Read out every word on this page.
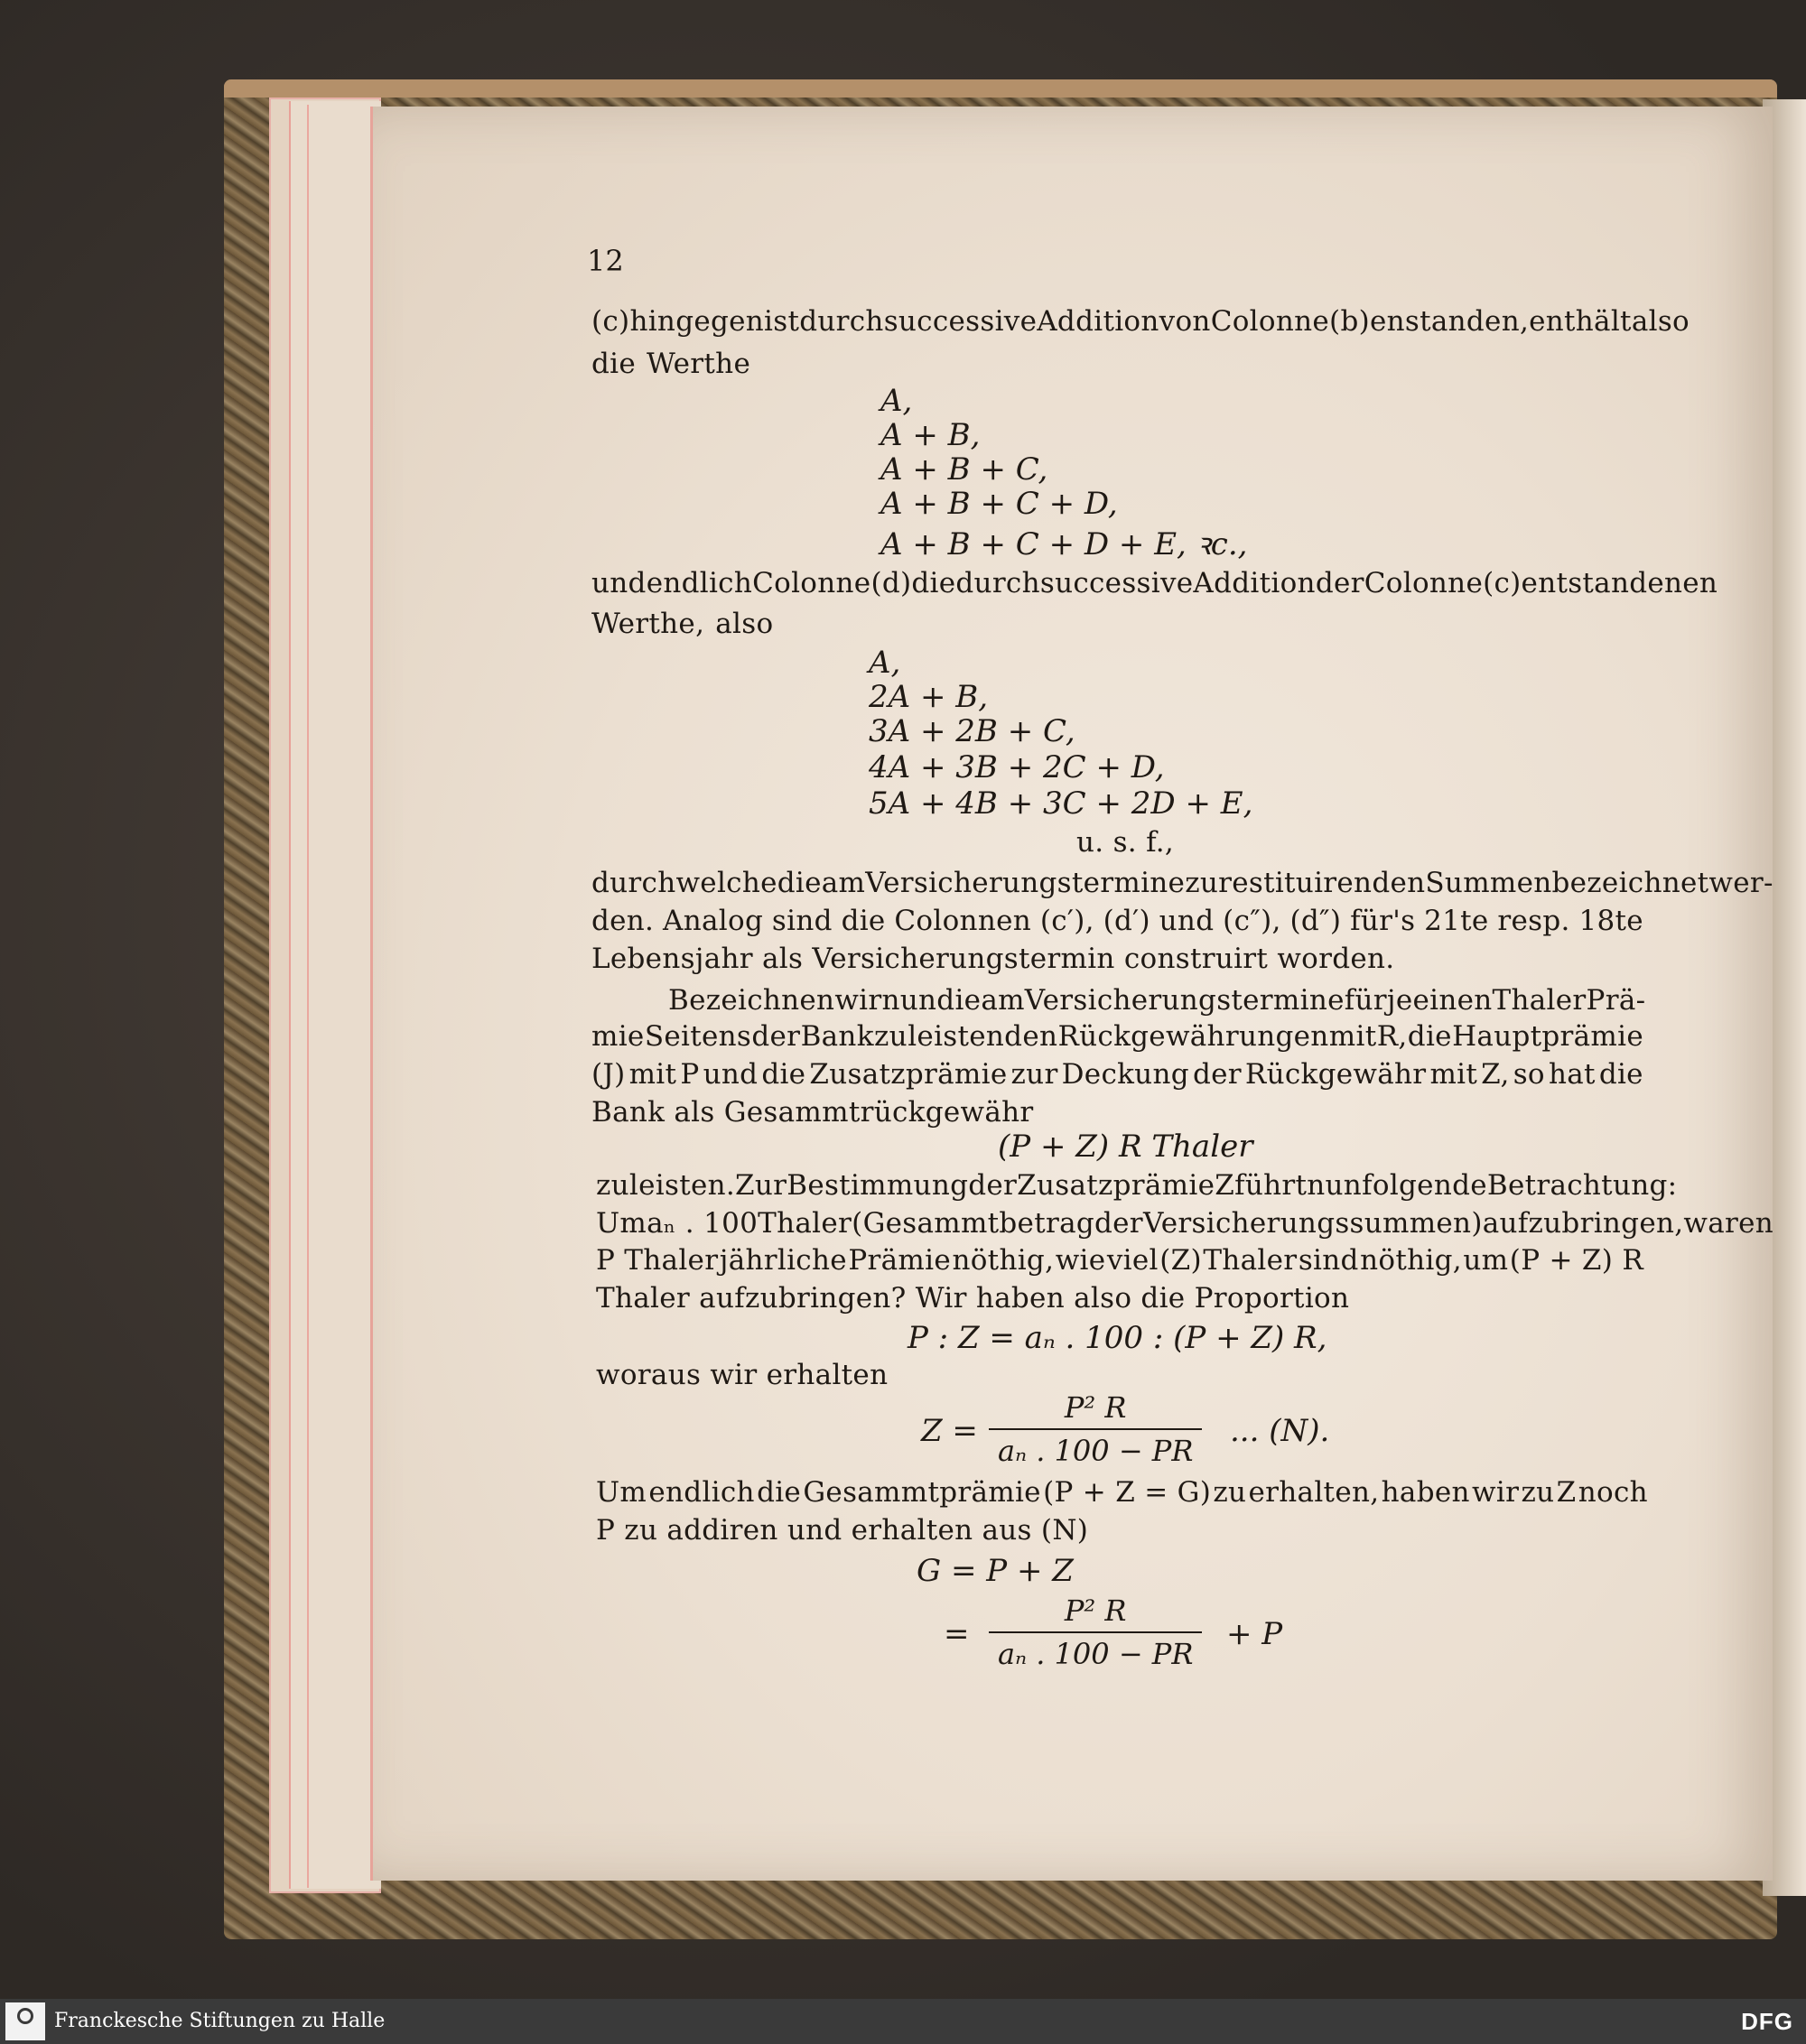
12
(c) hingegen ist durch successive Addition von Colonne (b) enstanden, enthält also
die Werthe
A,
A + B,
A + B + C,
A + B + C + D,
A + B + C + D + E, ꝛc.,
und endlich Colonne (d) die durch successive Addition der Colonne (c) entstandenen
Werthe, also
A,
2A + B,
3A + 2B + C,
4A + 3B + 2C + D,
5A + 4B + 3C + 2D + E,
u. s. f.,
durch welche die am Versicherungstermine zu restituirenden Summen bezeichnet wer-
den. Analog sind die Colonnen (c′), (d′) und (c″), (d″) für's 21te resp. 18te
Lebensjahr als Versicherungstermin construirt worden.
Bezeichnen wir nun die am Versicherungstermine für je einen Thaler Prä-
mie Seitens der Bank zu leistenden Rückgewährungen mit R, die Hauptprämie
(J) mit P und die Zusatzprämie zur Deckung der Rückgewähr mit Z, so hat die
Bank als Gesammtrückgewähr
(P + Z) R Thaler
zu leisten. Zur Bestimmung der Zusatzprämie Z führt nun folgende Betrachtung:
Um aₙ . 100 Thaler (Gesammtbetrag der Versicherungssummen) aufzubringen, waren
P Thaler jährliche Prämie nöthig, wie viel (Z) Thaler sind nöthig, um (P + Z) R
Thaler aufzubringen? Wir haben also die Proportion
P : Z = aₙ . 100 : (P + Z) R,
woraus wir erhalten
Z =
P² R
aₙ . 100 − PR
... (N).
Um endlich die Gesammtprämie (P + Z = G) zu erhalten, haben wir zu Z noch
P zu addiren und erhalten aus (N)
G = P + Z
=
P² R
aₙ . 100 − PR
+ P
Franckesche Stiftungen zu Halle	DFG
